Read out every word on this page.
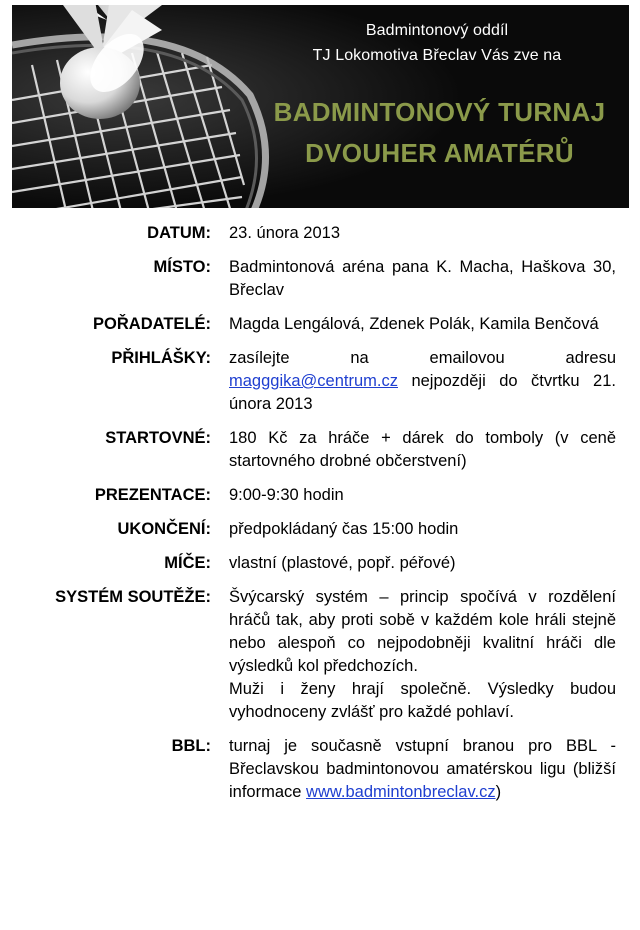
Badmintonový oddíl
TJ Lokomotiva Břeclav Vás zve na
BADMINTONOVÝ TURNAJ
DVOUHER AMATÉRŮ
DATUM: 23. února 2013
MÍSTO: Badmintonová aréna pana K. Macha, Haškova 30, Břeclav
POŘADATELÉ: Magda Lengálová, Zdenek Polák, Kamila Benčová
PŘIHLÁŠKY: zasílejte na emailovou adresu magggika@centrum.cz nejpozději do čtvrtku 21. února 2013
STARTOVNÉ: 180 Kč za hráče + dárek do tomboly (v ceně startovného drobné občerstvení)
PREZENTACE: 9:00-9:30 hodin
UKONČENÍ: předpokládaný čas 15:00 hodin
MÍČE: vlastní (plastové, popř. péřové)
SYSTÉM SOUTĚŽE: Švýcarský systém – princip spočívá v rozdělení hráčů tak, aby proti sobě v každém kole hráli stejně nebo alespoň co nejpodobněji kvalitní hráči dle výsledků kol předchozích.

Muži i ženy hrají společně. Výsledky budou vyhodnoceny zvlášť pro každé pohlaví.

BBL: turnaj je současně vstupní branou pro BBL - Břeclavskou badmintonovou amatérskou ligu (bližší informace www.badmintonbreclav.cz)
